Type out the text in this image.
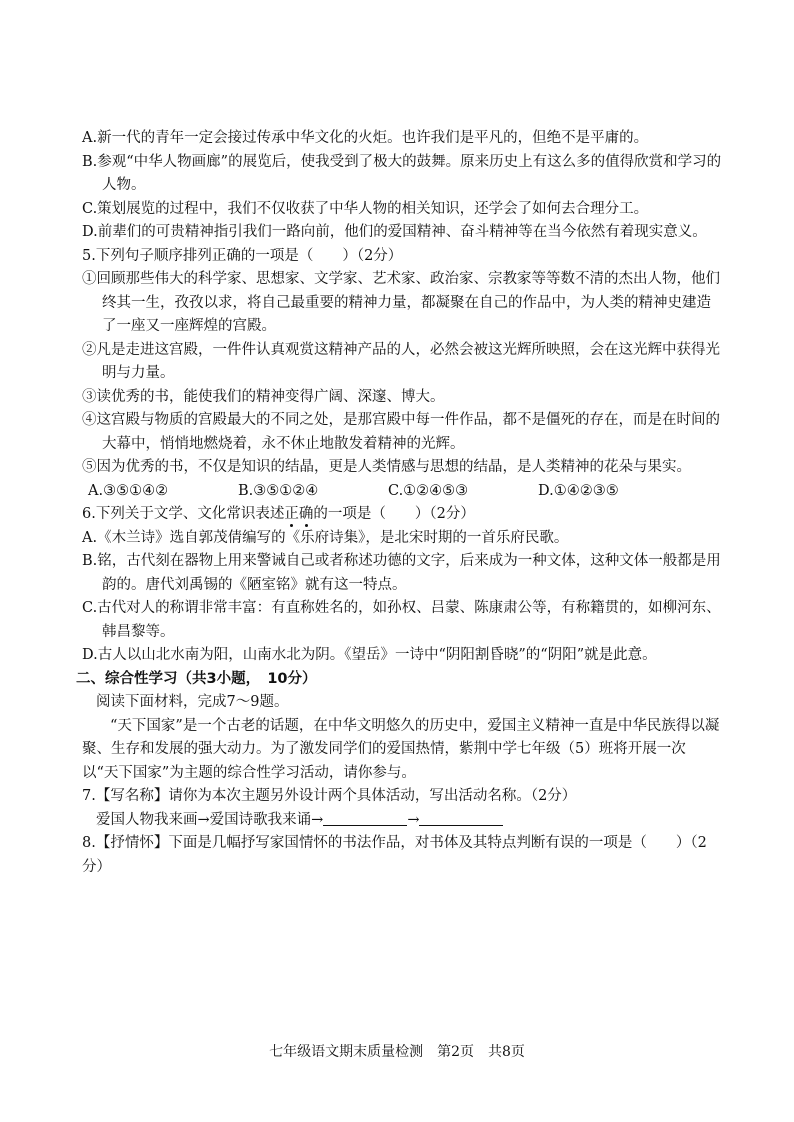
A.新一代的青年一定会接过传承中华文化的火炬。也许我们是平凡的，但绝不是平庸的。

B.参观“中华人物画廊”的展览后，使我受到了极大的鼓舞。原来历史上有这么多的值得欣赏和学习的人物。

C.策划展览的过程中，我们不仅收获了中华人物的相关知识，还学会了如何去合理分工。

D.前辈们的可贵精神指引我们一路向前，他们的爱国精神、奋斗精神等在当今依然有着现实意义。

5.下列句子顺序排列正确的一项是（　　）（2分）

①回顾那些伟大的科学家、思想家、文学家、艺术家、政治家、宗教家等等数不清的杰出人物，他们终其一生，孜孜以求，将自己最重要的精神力量，都凝聚在自己的作品中，为人类的精神史建造了一座又一座辉煌的宫殿。

②凡是走进这宫殿，一件件认真观赏这精神产品的人，必然会被这光辉所映照，会在这光辉中获得光明与力量。

③读优秀的书，能使我们的精神变得广阔、深邃、博大。

④这宫殿与物质的宫殿最大的不同之处，是那宫殿中每一件作品，都不是僵死的存在，而是在时间的大幕中，悄悄地燃烧着，永不休止地散发着精神的光辉。

⑤因为优秀的书，不仅是知识的结晶，更是人类情感与思想的结晶，是人类精神的花朵与果实。

A.③⑤①④②	B.③⑤①②④	C.①②④⑤③	D.①④②③⑤

6.下列关于文学、文化常识表述正确的一项是（　　）（2分）

A.《木兰诗》选自郭茂倩编写的《乐府诗集》，是北宋时期的一首乐府民歌。

B.铭，古代刻在器物上用来警诫自己或者称述功德的文字，后来成为一种文体，这种文体一般都是用韵的。唐代刘禹锡的《陋室铭》就有这一特点。

C.古代对人的称谓非常丰富：有直称姓名的，如孙权、吕蒙、陈康肃公等，有称籍贯的，如柳河东、韩昌黎等。

D.古人以山北水南为阳，山南水北为阴。《望岳》一诗中“阴阳割昏晓”的“阴阳”就是此意。

二、综合性学习（共3小题，　10分）

阅读下面材料，完成7～9题。

“天下国家”是一个古老的话题，在中华文明悠久的历史中，爱国主义精神一直是中华民族得以凝聚、生存和发展的强大动力。为了激发同学们的爱国热情，紫荆中学七年级（5）班将开展一次以“天下国家”为主题的综合性学习活动，请你参与。

7.【写名称】请你为本次主题另外设计两个具体活动，写出活动名称。（2分）

爱国人物我来画→爱国诗歌我来诵→	→

8.【抒情怀】下面是几幅抒写家国情怀的书法作品，对书体及其特点判断有误的一项是（　　）（2分）

七年级语文期末质量检测　第2页　共8页
